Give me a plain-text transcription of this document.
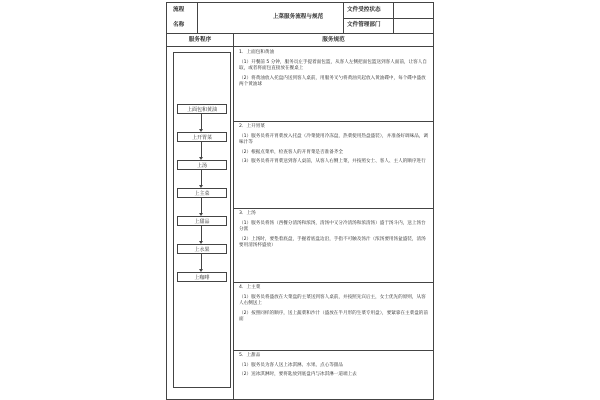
流程
名称
上菜服务流程与规范
文件受控状态
文件管理部门
服务程序	服务规范
上面包和黄油
上开胃菜
上汤
上主菜
上甜品
上水果
上咖啡
1．上面包和黄油
（1）开餐前 5 分钟，服务员左手提着面包篮，从客人左侧把面包篮送到客人面前，让客人自取，或者将面包直接放在餐桌上
（2）将黄油放入托盘内送到客人桌前，用服务叉勺将黄油夹起放入黄油碟中，每个碟中盛放两个黄油球
2．上开胃菜
（1）服务员将开胃菜放入托盘（冷菜使用冷冻盘，热菜使用热盘盛装），并准备好调味品，调味汁等
（2）根据点菜单，检查客人的开胃菜是否准备齐全
（3）服务员将开胃菜送到客人桌前，从客人右侧上菜，并按照女士、客人、主人的顺序进行
3．上汤
（1）服务员将汤（西餐分清汤和浓汤，清汤中又分冷清汤和浓清汤）盛于汤斗内，送上汤台分派
（2）上汤时，要垫着底盘，手握着底盘边沿，手指不可触及汤汁（浓汤要用汤盆盛装，清汤要用清汤杯盛放）
4．上主菜
（1）服务员将盛放在大菜盘的主菜送到客人桌前，并按照先宾后主，女士优先的原则，从客人右侧送上
（2）按照同样的顺序，送上蔬菜和沙汁（盛放在半月形的生菜专用盘），要紧靠在主菜盘的前面
5．上甜品
（1）服务员为客人送上冰淇淋、水果、点心等甜品
（2）送冰淇淋时，要将匙放到底盘内与冰淇淋一道端上去
